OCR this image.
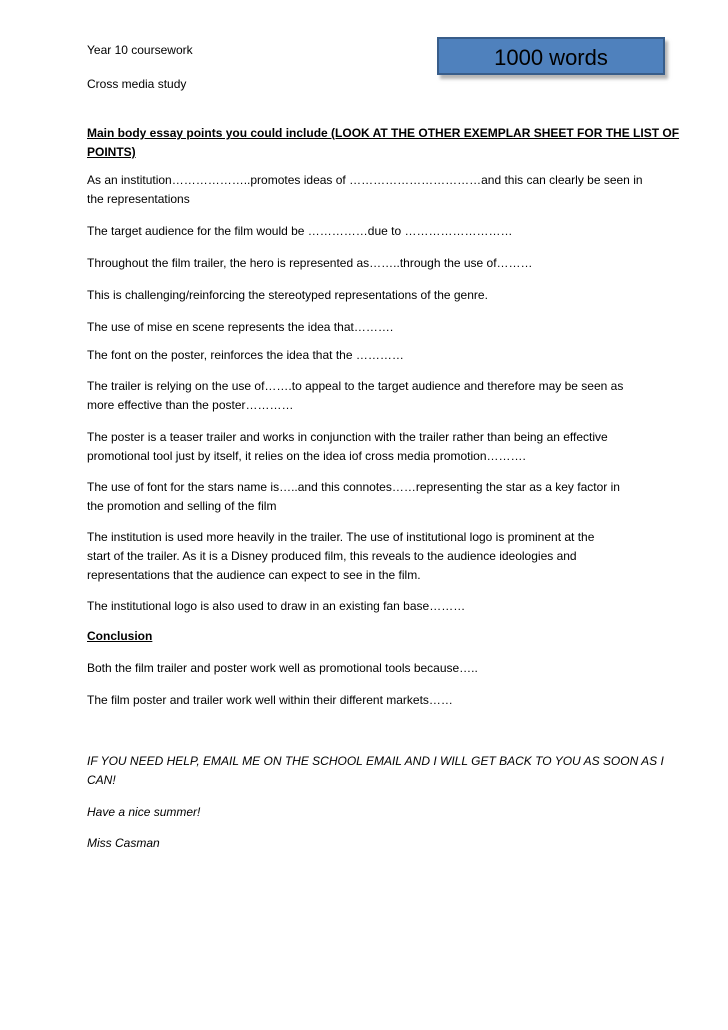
Year 10 coursework
Cross media study
1000 words
Main body essay points you could include (LOOK AT THE OTHER EXEMPLAR SHEET FOR THE LIST OF
POINTS)
As an institution………………..promotes ideas of ……………………………and this can clearly be seen in
the representations
The target audience for the film would be ……………due to ………………………
Throughout the film trailer, the hero is represented as……..through the use of………
This is challenging/reinforcing the stereotyped representations of the genre.
The use of mise en scene represents the idea that……….
The font on the poster, reinforces the idea that the …………
The trailer is relying on the use of…….to appeal to the target audience and therefore may be seen as
more effective than the poster…………
The poster is a teaser trailer and works in conjunction with the trailer rather than being an effective
promotional tool just by itself, it relies on the idea iof cross media promotion……….
The use of font for the stars name is…..and this connotes……representing the star as a key factor in
the promotion and selling of the film
The institution is used more heavily in the trailer. The use of institutional logo is prominent at the
start of the trailer. As it is a Disney produced film, this reveals to the audience ideologies and
representations that the audience can expect to see in the film.
The institutional logo is also used to draw in an existing fan base………
Conclusion
Both the film trailer and poster work well as promotional tools because…..
The film poster and trailer work well within their different markets……
IF YOU NEED HELP, EMAIL ME ON THE SCHOOL EMAIL AND I WILL GET BACK TO YOU AS SOON AS I
CAN!
Have a nice summer!
Miss Casman
